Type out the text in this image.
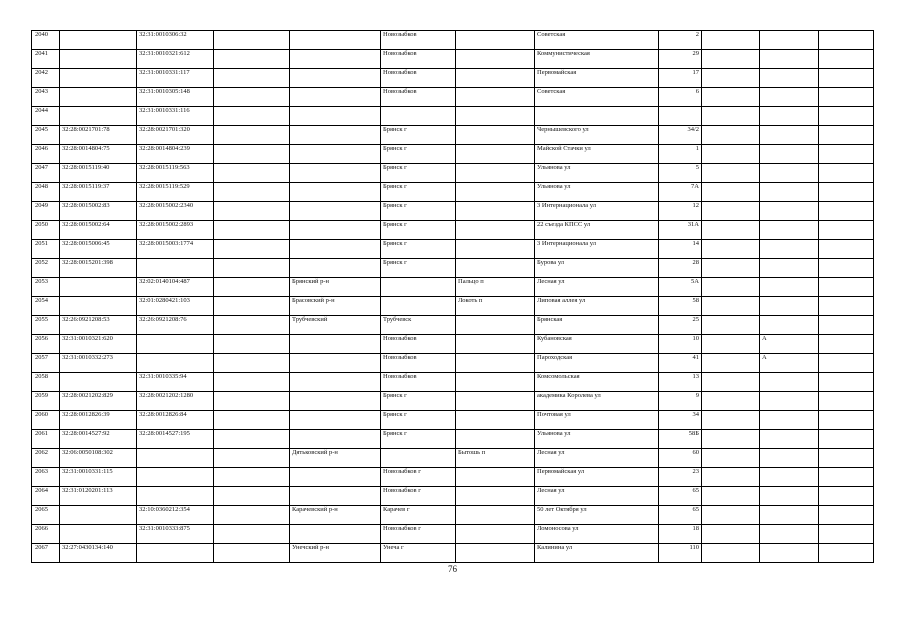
2040		32:31:0010306:32			Новозыбков		Советская	2			
2041		32:31:0010321:612			Новозыбков		Коммунистическая	29			
2042		32:31:0010331:117			Новозыбков		Первомайская	17			
2043		32:31:0010305:148			Новозыбков		Советская	6			
2044		32:31:0010331:116									
2045	32:28:0021701:78	32:28:0021701:320			Брянск г		Чернышевского ул	34/2			
2046	32:28:0014804:75	32:28:0014804:239			Брянск г		Майской Стачки ул	1			
2047	32:28:0015119:40	32:28:0015119:563			Брянск г		Ульянова ул	5			
2048	32:28:0015119:37	32:28:0015119:529			Брянск г		Ульянова ул	7А			
2049	32:28:0015002:83	32:28:0015002:2340			Брянск г		3 Интернационала ул	12			
2050	32:28:0015002:64	32:28:0015002:2893			Брянск г		22 съезда КПСС ул	31А			
2051	32:28:0015006:45	32:28:0015003:1774			Брянск г		3 Интернационала ул	14			
2052	32:28:0015201:398				Брянск г		Бурова ул	28			
2053		32:02:0140104:487		Брянский р-н		Пальцо п	Лесная ул	5А			
2054		32:01:0280421:103		Брасовский р-н		Локоть п	Липовая аллея ул	58			
2055	32:26:0921208:53	32:26:0921208:76		Трубчевский	Трубчевск		Брянская	25			
2056	32:31:0010321:620				Новозыбков		Кубановская	10		А	
2057	32:31:0010332:273				Новозыбков		Пароходская	41		А	
2058		32:31:0010335:94			Новозыбков		Комсомольская	13			
2059	32:28:0021202:829	32:28:0021202:1280			Брянск г		академика Королева ул	9			
2060	32:28:0012826:39	32:28:0012826:84			Брянск г		Почтовая ул	34			
2061	32:28:0014527:92	32:28:0014527:195			Брянск г		Ульянова ул	58Б			
2062	32:06:0050108:302			Дятьковский р-н		Бытошь п	Лесная ул	60			
2063	32:31:0010331:115				Новозыбков г		Первомайская ул	23			
2064	32:31:0120201:113				Новозыбков г		Лесная ул	65			
2065		32:10:0360212:354		Карачевский р-н	Карачев г		50 лет Октября ул	65			
2066		32:31:0010333:875			Новозыбков г		Ломоносова ул	18			
2067	32:27:0430134:140			Унечский р-н	Унеча г		Калинина ул	110			
76
